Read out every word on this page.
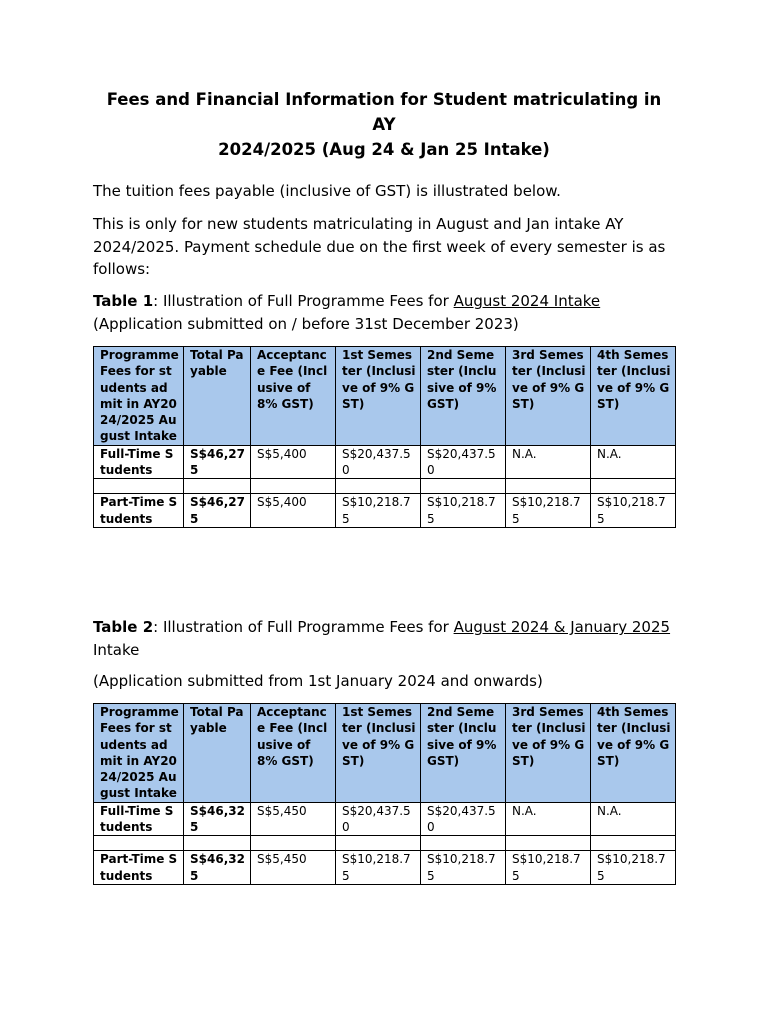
Fees and Financial Information for Student matriculating in AY
2024/2025 (Aug 24 & Jan 25 Intake)
The tuition fees payable (inclusive of GST) is illustrated below.
This is only for new students matriculating in August and Jan intake AY 2024/2025. Payment schedule due on the first week of every semester is as follows:
Table 1: Illustration of Full Programme Fees for August 2024 Intake (Application submitted on / before 31st December 2023)
Programme Fees for students admit in AY2024/2025 August Intake	Total Payable	Acceptance Fee (Inclusive of 8% GST)	1st Semester (Inclusive of 9% GST)	2nd Semester (Inclusive of 9% GST)	3rd Semester (Inclusive of 9% GST)	4th Semester (Inclusive of 9% GST)
Full-Time Students	S$46,275	S$5,400	S$20,437.50	S$20,437.50	N.A.	N.A.

Part-Time Students	S$46,275	S$5,400	S$10,218.75	S$10,218.75	S$10,218.75	S$10,218.75
Table 2: Illustration of Full Programme Fees for August 2024 & January 2025 Intake
(Application submitted from 1st January 2024 and onwards)
Programme Fees for students admit in AY2024/2025 August Intake	Total Payable	Acceptance Fee (Inclusive of 8% GST)	1st Semester (Inclusive of 9% GST)	2nd Semester (Inclusive of 9% GST)	3rd Semester (Inclusive of 9% GST)	4th Semester (Inclusive of 9% GST)
Full-Time Students	S$46,325	S$5,450	S$20,437.50	S$20,437.50	N.A.	N.A.

Part-Time Students	S$46,325	S$5,450	S$10,218.75	S$10,218.75	S$10,218.75	S$10,218.75
